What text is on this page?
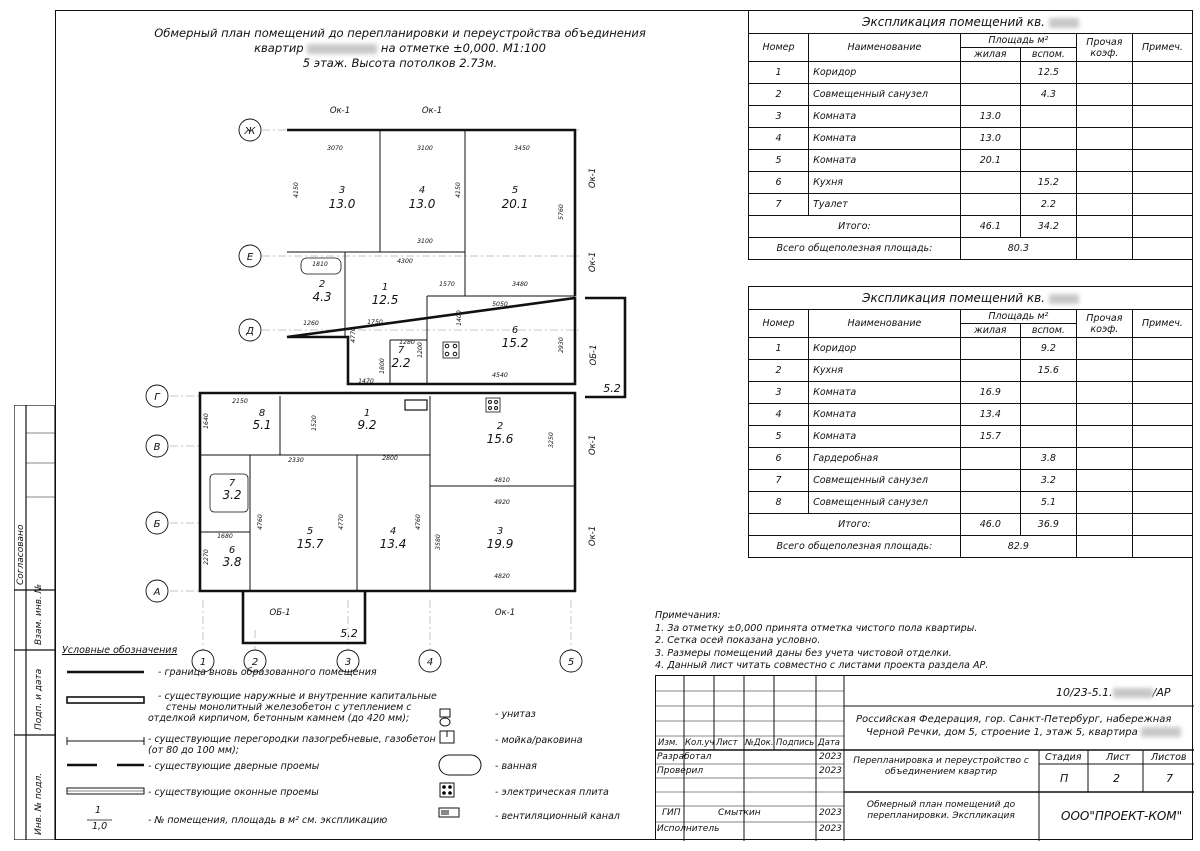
Обмерный план помещений до перепланировки и переустройства объединения
квартир	на отметке ±0,000. М1:100
5 этаж. Высота потолков 2.73м.
Ж
Е
Д
Г
В
Б
А
1	2	3	4	5
3
13.0
4
13.0
5
20.1
2
4.3
1
12.5
6
15.2
7
2.2
8
5.1
1
9.2	2
15.6
7
3.2
6
3.8
5
15.7
4
13.4
3
19.9
5.2
5.2
Ок-1	Ок-1
Ок-1
Ок-1
Ок-1
Ок-1
ОБ-1
ОБ-1	Ок-1
3070	3100	3450
4150	4150
5760
3100
1810	4300
1570	3480
5050
1400
1750
1280
1260
4770
2930
4540
1200
1470
1800
2150
1520
1640
2800
2330
3250
4810
4920
4820
4760	4770	4760
3580
1680
2270
Экспликация помещений кв.					
Номер	Наименование	Площадь м²		Прочая коэф.	Примеч.
		жилая	вспом.		
1	Коридор		12.5		
2	Совмещенный санузел		4.3		
3	Комната	13.0			
4	Комната	13.0			
5	Комната	20.1			
6	Кухня		15.2		
7	Туалет		2.2		
Итого:		46.1	34.2		
Всего общеполезная площадь:		80.3			
Экспликация помещений кв.					
Номер	Наименование	Площадь м²		Прочая коэф.	Примеч.
		жилая	вспом.		
1	Коридор		9.2		
2	Кухня		15.6		
3	Комната	16.9			
4	Комната	13.4			
5	Комната	15.7			
6	Гардеробная		3.8		
7	Совмещенный санузел		3.2		
8	Совмещенный санузел		5.1		
Итого:		46.0	36.9		
Всего общеполезная площадь:		82.9			
Примечания:
1. За отметку ±0,000 принята отметка чистого пола квартиры.
2. Сетка осей показана условно.
3. Размеры помещений даны без учета чистовой отделки.
4. Данный лист читать совместно с листами проекта раздела АР.
Условные обозначения
- граница вновь образованного помещения
- существующие наружные и внутренние капитальные
стены монолитный железобетон с утеплением с
отделкой кирпичом, бетонным камнем (до 420 мм);
- существующие перегородки пазогребневые, газобетон
(от 80 до 100 мм);
- существующие дверные проемы
- существующие оконные проемы
1
1,0
- № помещения, площадь в м² см. экспликацию
- унитаз
- мойка/раковина
- ванная
- электрическая плита
- вентиляционный канал
10/23-5.1.	/АР
Российская Федерация, гор. Санкт-Петербург, набережная
Черной Речки, дом 5, строение 1, этаж 5, квартира
Изм. Кол.уч Лист №Док. Подпись Дата
Разработал	2023
Проверил	2023
ГИП	Смыткин	2023
Исполнитель	2023
Перепланировка и переустройство с объединением квартир
Обмерный план помещений до перепланировки. Экспликация
Стадия	Лист Листов
П	2	7
ООО"ПРОЕКТ-КОМ"
Согласовано
Взам. инв. №
Подп. и дата
Инв. № подл.
